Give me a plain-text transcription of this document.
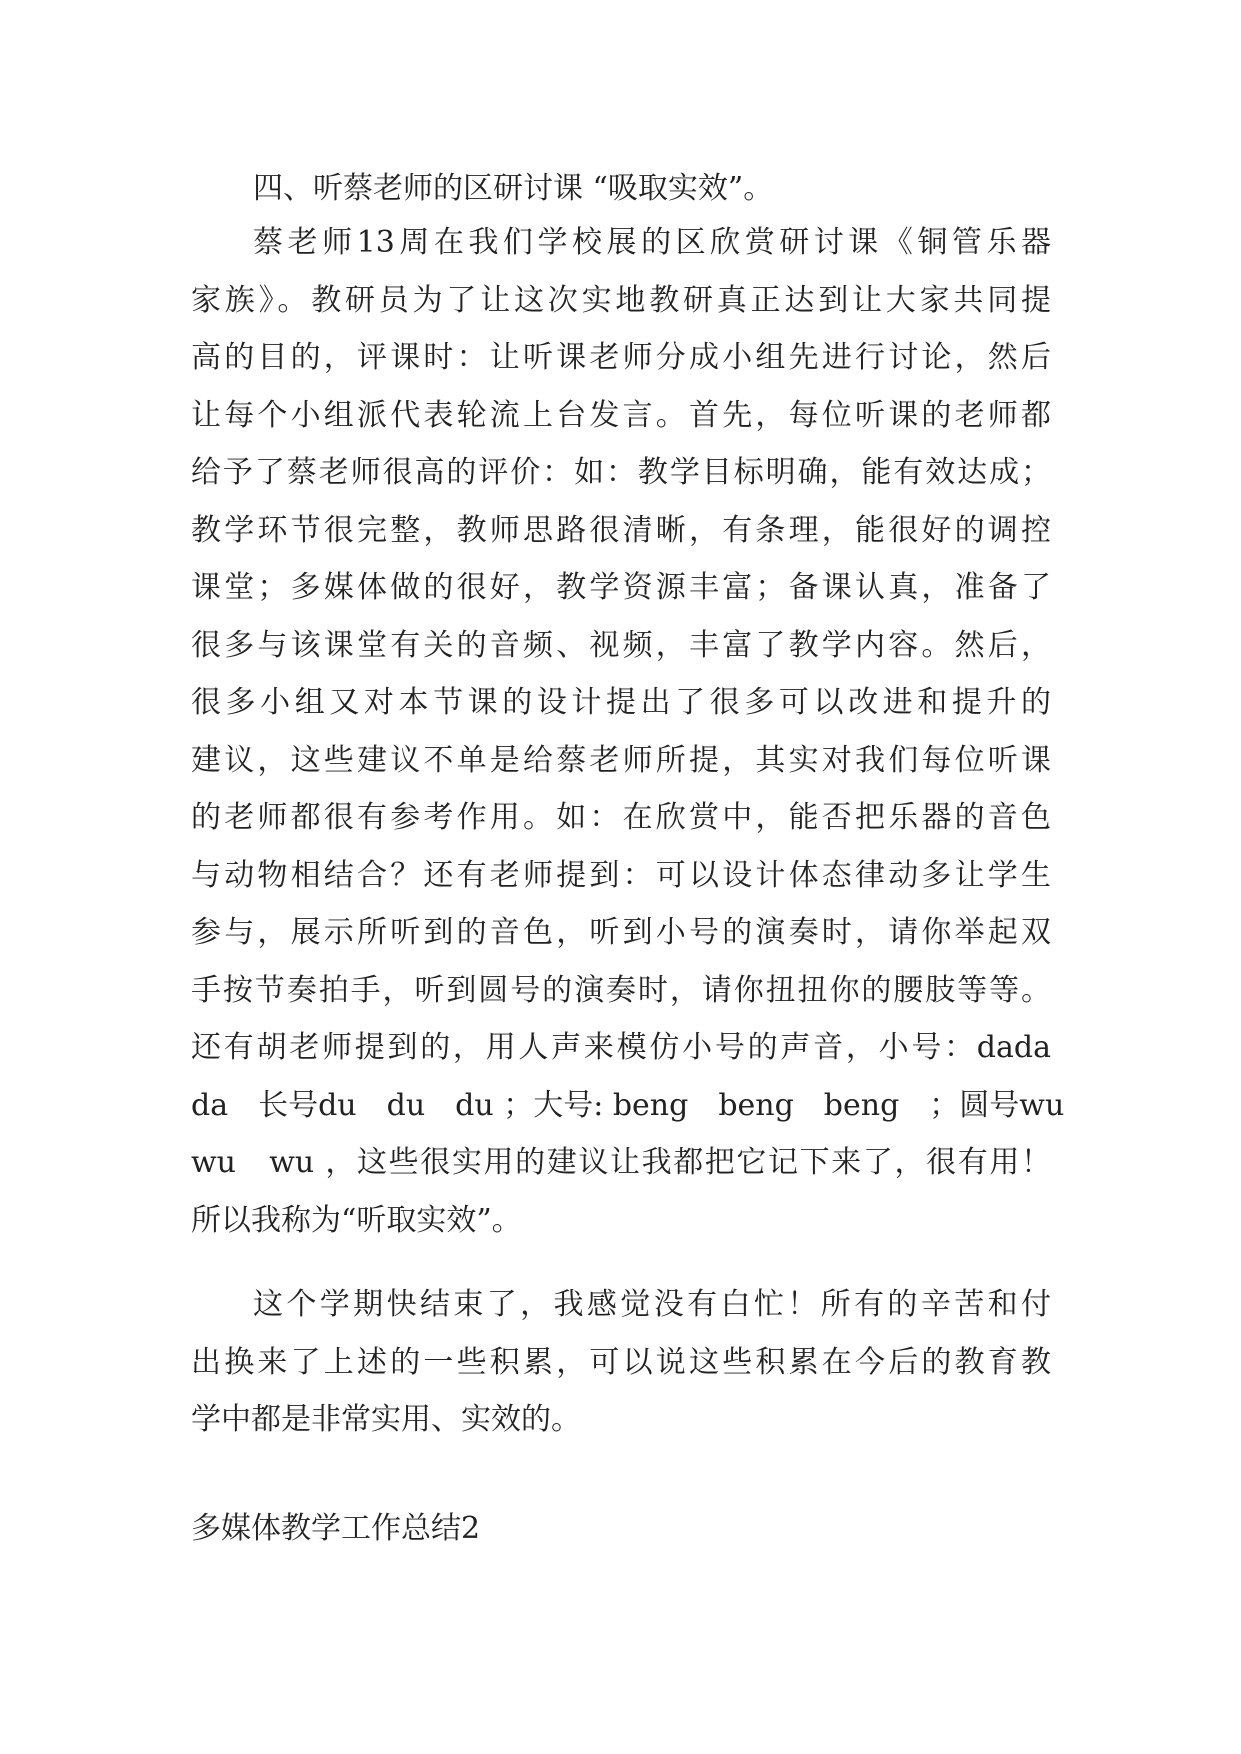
四、听蔡老师的区研讨课 “吸取实效”。
蔡老师13周在我们学校展的区欣赏研讨课《铜管乐器
家族》。教研员为了让这次实地教研真正达到让大家共同提
高的目的，评课时：让听课老师分成小组先进行讨论，然后
让每个小组派代表轮流上台发言。首先，每位听课的老师都
给予了蔡老师很高的评价：如：教学目标明确，能有效达成；
教学环节很完整，教师思路很清晰，有条理，能很好的调控
课堂；多媒体做的很好，教学资源丰富；备课认真，准备了
很多与该课堂有关的音频、视频，丰富了教学内容。然后，
很多小组又对本节课的设计提出了很多可以改进和提升的
建议，这些建议不单是给蔡老师所提，其实对我们每位听课
的老师都很有参考作用。如：在欣赏中，能否把乐器的音色
与动物相结合？还有老师提到：可以设计体态律动多让学生
参与，展示所听到的音色，听到小号的演奏时，请你举起双
手按节奏拍手，听到圆号的演奏时，请你扭扭你的腰肢等等。
还有胡老师提到的，用人声来模仿小号的声音，小号：dada
da　长号du　du　du ；大号: beng　beng　beng　；圆号wu
wu　wu ，这些很实用的建议让我都把它记下来了，很有用！
所以我称为“听取实效”。
这个学期快结束了，我感觉没有白忙！所有的辛苦和付
出换来了上述的一些积累，可以说这些积累在今后的教育教
学中都是非常实用、实效的。
多媒体教学工作总结2
